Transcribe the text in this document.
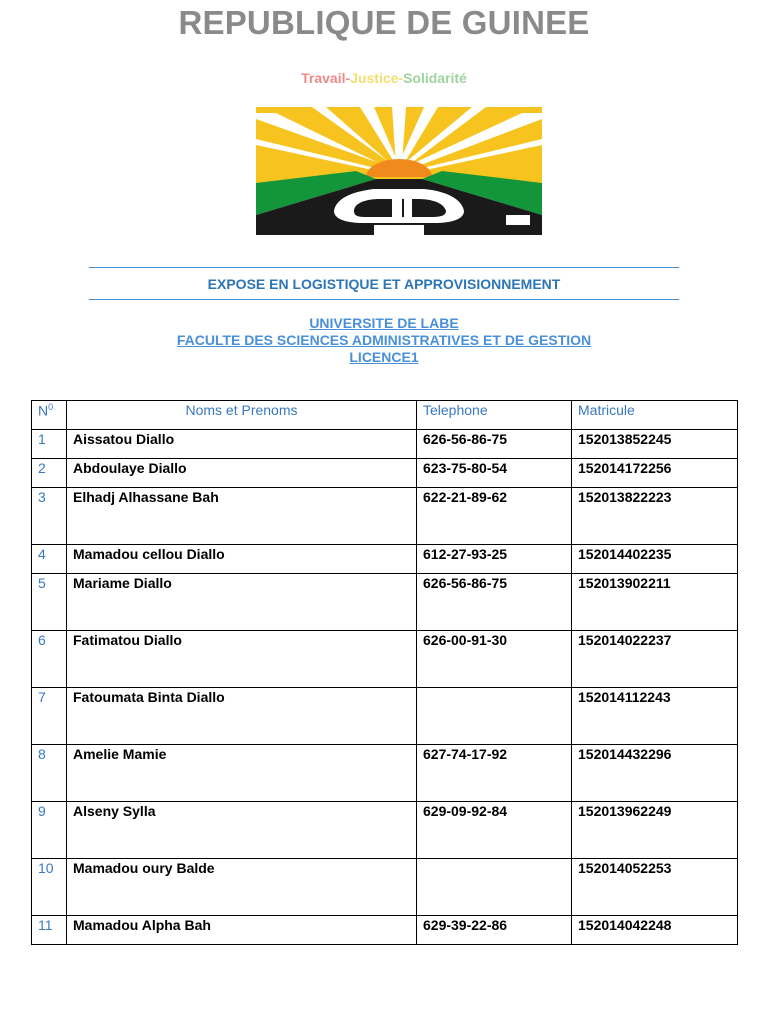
REPUBLIQUE DE GUINEE
Travail-Justice-Solidarité
EXPOSE EN LOGISTIQUE ET APPROVISIONNEMENT
UNIVERSITE DE LABE
FACULTE DES SCIENCES ADMINISTRATIVES ET DE GESTION
LICENCE1
$N^0$	Noms et Prenoms	Telephone	Matricule
1	Aissatou Diallo	626-56-86-75	152013852245
2	Abdoulaye Diallo	623-75-80-54	152014172256
3	Elhadj Alhassane Bah	622-21-89-62	152013822223
4	Mamadou cellou Diallo	612-27-93-25	152014402235
5	Mariame Diallo	626-56-86-75	152013902211
6	Fatimatou Diallo	626-00-91-30	152014022237
7	Fatoumata Binta Diallo		152014112243
8	Amelie Mamie	627-74-17-92	152014432296
9	Alseny Sylla	629-09-92-84	152013962249
10	Mamadou oury Balde		152014052253
11	Mamadou Alpha Bah	629-39-22-86	152014042248
